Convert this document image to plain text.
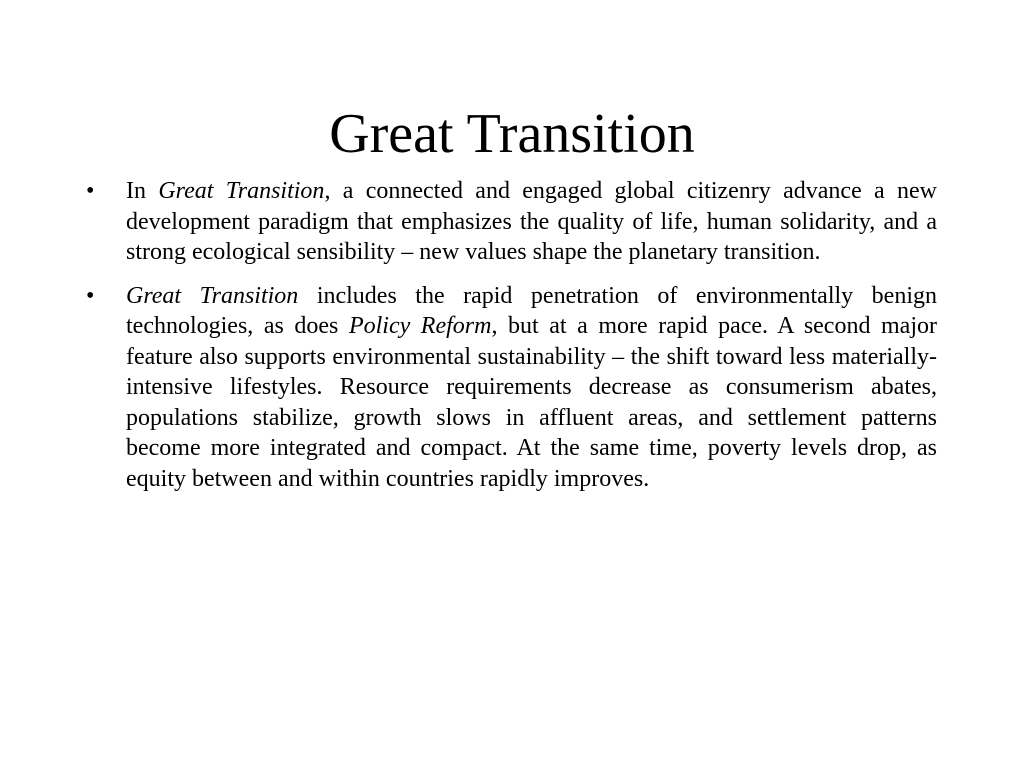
Great Transition
• In Great Transition, a connected and engaged global citizenry advance a new development paradigm that emphasizes the quality of life, human solidarity, and a strong ecological sensibility – new values shape the planetary transition.
• Great Transition includes the rapid penetration of environmentally benign technologies, as does Policy Reform, but at a more rapid pace. A second major feature also supports environmental sustainability – the shift toward less materially-intensive lifestyles. Resource requirements decrease as consumerism abates, populations stabilize, growth slows in affluent areas, and settlement patterns become more integrated and compact. At the same time, poverty levels drop, as equity between and within countries rapidly improves.
